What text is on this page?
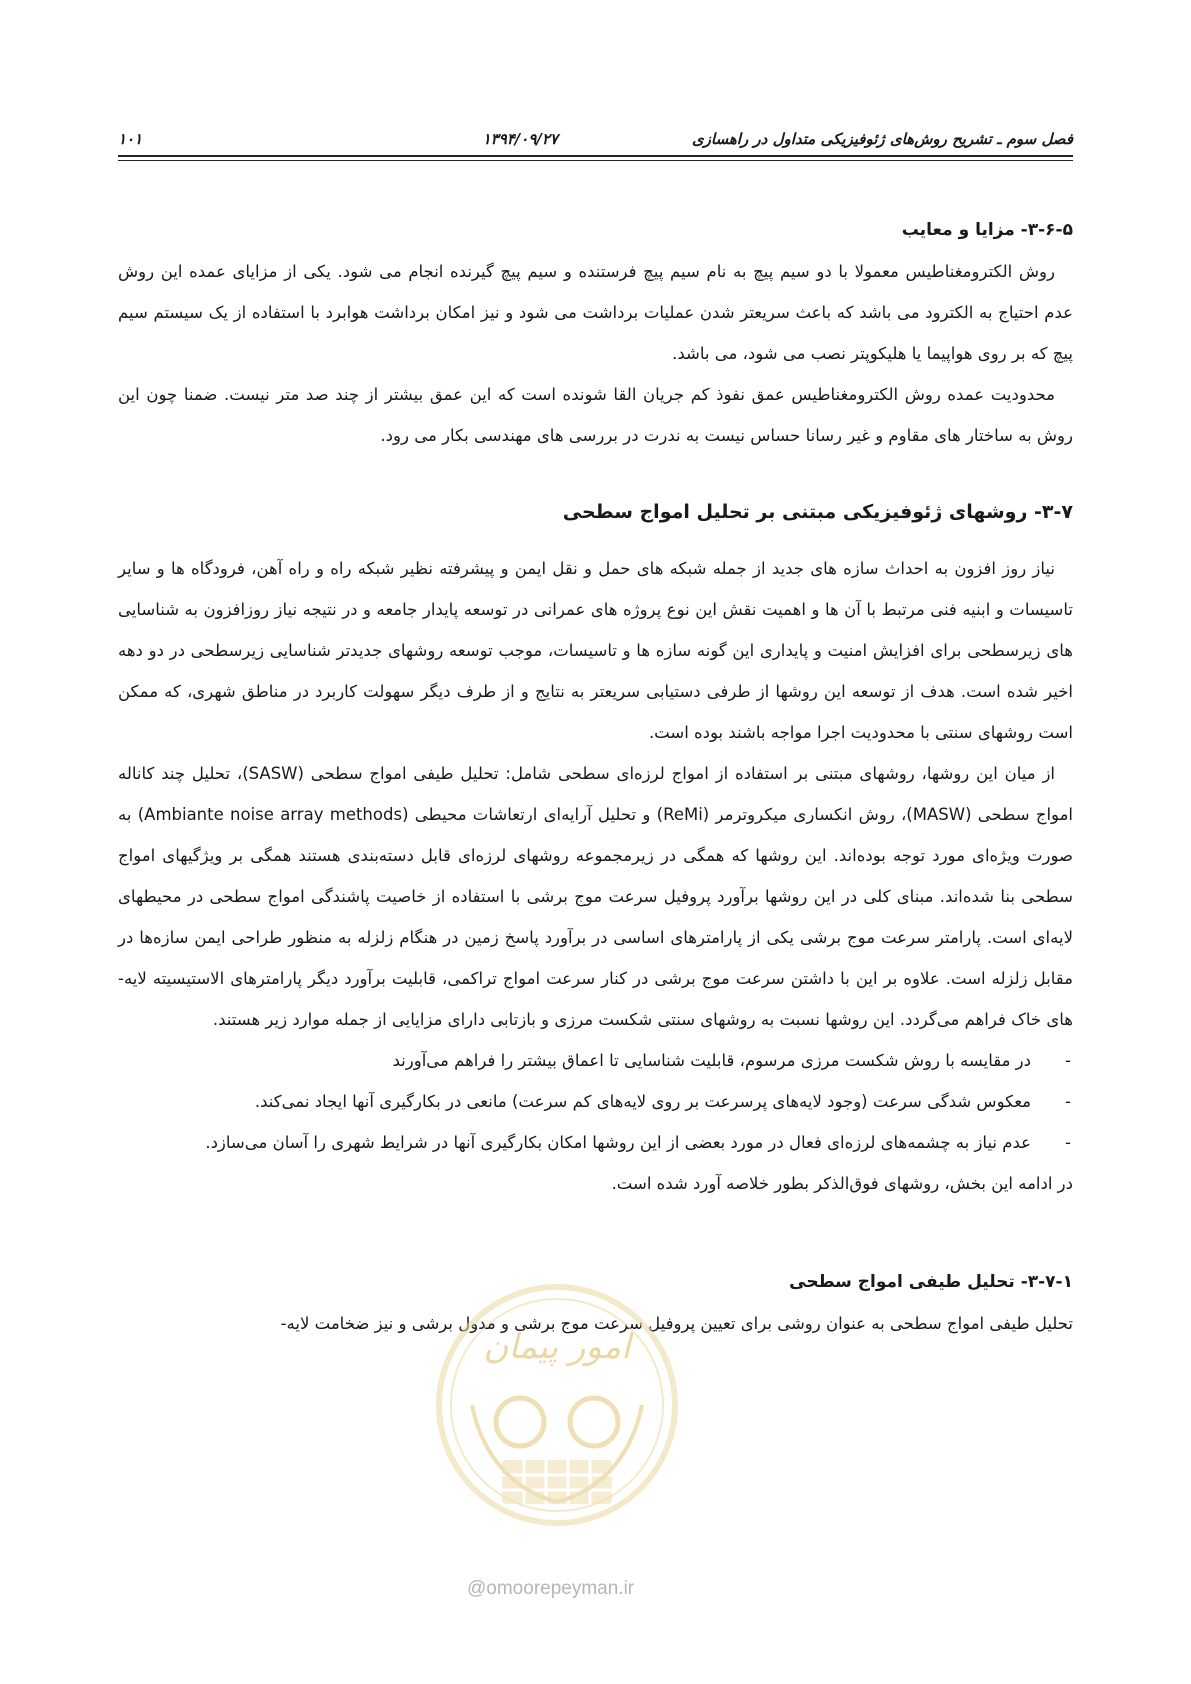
فصل سوم ـ تشریح روش‌های ژئوفیزیکی متداول در راهسازی
۱۳۹۴/۰۹/۲۷
۱۰۱
۳-۶-۵- مزایا و معایب

روش الکترومغناطیس معمولا با دو سیم پیچ به نام سیم پیچ فرستنده و سیم پیچ گیرنده انجام می شود. یکی از مزایای عمده این روش عدم احتیاج به الکترود می باشد که باعث سریعتر شدن عملیات برداشت می شود و نیز امکان برداشت هوابرد با استفاده از یک سیستم سیم پیچ که بر روی هواپیما یا هلیکوپتر نصب می شود، می باشد.

محدودیت عمده روش الکترومغناطیس عمق نفوذ کم جریان القا شونده است که این عمق بیشتر از چند صد متر نیست. ضمنا چون این روش به ساختار های مقاوم و غیر رسانا حساس نیست به ندرت در بررسی های مهندسی بکار می رود.

۳-۷- روشهای ژئوفیزیکی مبتنی بر تحلیل امواج سطحی

نیاز روز افزون به احداث سازه های جدید از جمله شبکه های حمل و نقل ایمن و پیشرفته نظیر شبکه راه و راه آهن، فرودگاه ها و سایر تاسیسات و ابنیه فنی مرتبط با آن ها و اهمیت نقش این نوع پروژه های عمرانی در توسعه پایدار جامعه و در نتیجه نیاز روزافزون به شناسایی های زیرسطحی برای افزایش امنیت و پایداری این گونه سازه ها و تاسیسات، موجب توسعه روشهای جدیدتر شناسایی زیرسطحی در دو دهه اخیر شده است. هدف از توسعه این روشها از طرفی دستیابی سریعتر به نتایج و از طرف دیگر سهولت کاربرد در مناطق شهری، که ممکن است روشهای سنتی با محدودیت اجرا مواجه باشند بوده است.

از میان این روشها، روشهای مبتنی بر استفاده از امواج لرزه‌ای سطحی شامل: تحلیل طیفی امواج سطحی (SASW)، تحلیل چند کاناله امواج سطحی (MASW)، روش انکساری میکروترمر (ReMi) و تحلیل آرایه‌ای ارتعاشات محیطی (Ambiante noise array methods) به صورت ویژه‌ای مورد توجه بوده‌اند. این روشها که همگی در زیرمجموعه روشهای لرزه‌ای قابل دسته‌بندی هستند همگی بر ویژگیهای امواج سطحی بنا شده‌اند. مبنای کلی در این روشها برآورد پروفیل سرعت موج برشی با استفاده از خاصیت پاشندگی امواج سطحی در محیطهای لایه‌ای است. پارامتر سرعت موج برشی یکی از پارامترهای اساسی در برآورد پاسخ زمین در هنگام زلزله به منظور طراحی ایمن سازه‌ها در مقابل زلزله است. علاوه بر این با داشتن سرعت موج برشی در کنار سرعت امواج تراکمی، قابلیت برآورد دیگر پارامترهای الاستیسیته لایه-های خاک فراهم می‌گردد. این روشها نسبت به روشهای سنتی شکست مرزی و بازتابی دارای مزایایی از جمله موارد زیر هستند.

-
در مقایسه با روش شکست مرزی مرسوم، قابلیت شناسایی تا اعماق بیشتر را فراهم می‌آورند
-
معکوس شدگی سرعت (وجود لایه‌های پرسرعت بر روی لایه‌های کم سرعت) مانعی در بکارگیری آنها ایجاد نمی‌کند.
-
عدم نیاز به چشمه‌های لرزه‌ای فعال در مورد بعضی از این روشها امکان بکارگیری آنها در شرایط شهری را آسان می‌سازد.

در ادامه این بخش، روشهای فوق‌الذکر بطور خلاصه آورد شده است.

۳-۷-۱- تحلیل طیفی امواج سطحی

تحلیل طیفی امواج سطحی به عنوان روشی برای تعیین پروفیل سرعت موج برشی و مدول برشی و نیز ضخامت لایه-

امور پیمان
@omoorepeyman.ir
